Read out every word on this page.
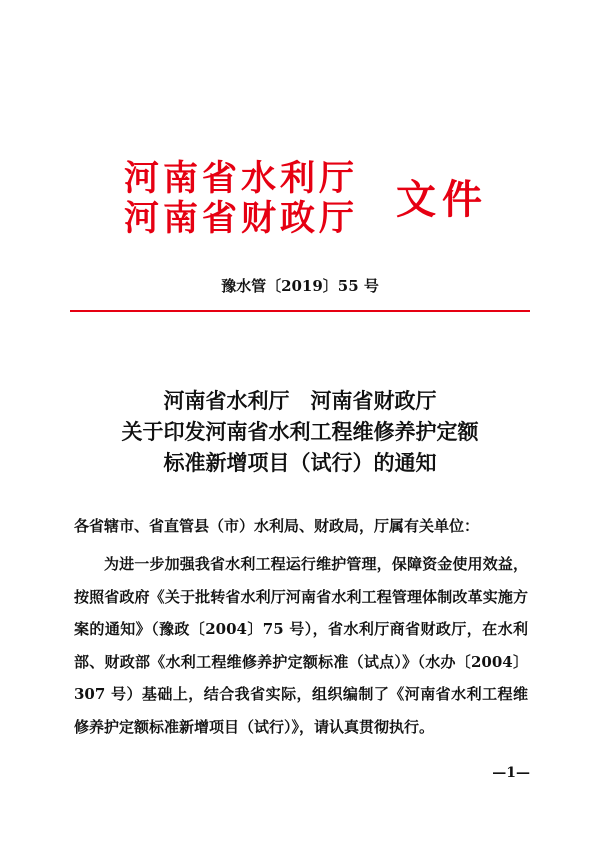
河南省水利厅
河南省财政厅 文件
豫水管〔2019〕55 号
河南省水利厅　河南省财政厅
关于印发河南省水利工程维修养护定额
标准新增项目（试行）的通知
各省辖市、省直管县（市）水利局、财政局，厅属有关单位：
为进一步加强我省水利工程运行维护管理，保障资金使用效益，按照省政府《关于批转省水利厅河南省水利工程管理体制改革实施方案的通知》（豫政〔2004〕75 号），省水利厅商省财政厅，在水利部、财政部《水利工程维修养护定额标准（试点）》（水办〔2004〕307 号）基础上，结合我省实际，组织编制了《河南省水利工程维修养护定额标准新增项目（试行）》，请认真贯彻执行。
—1—
